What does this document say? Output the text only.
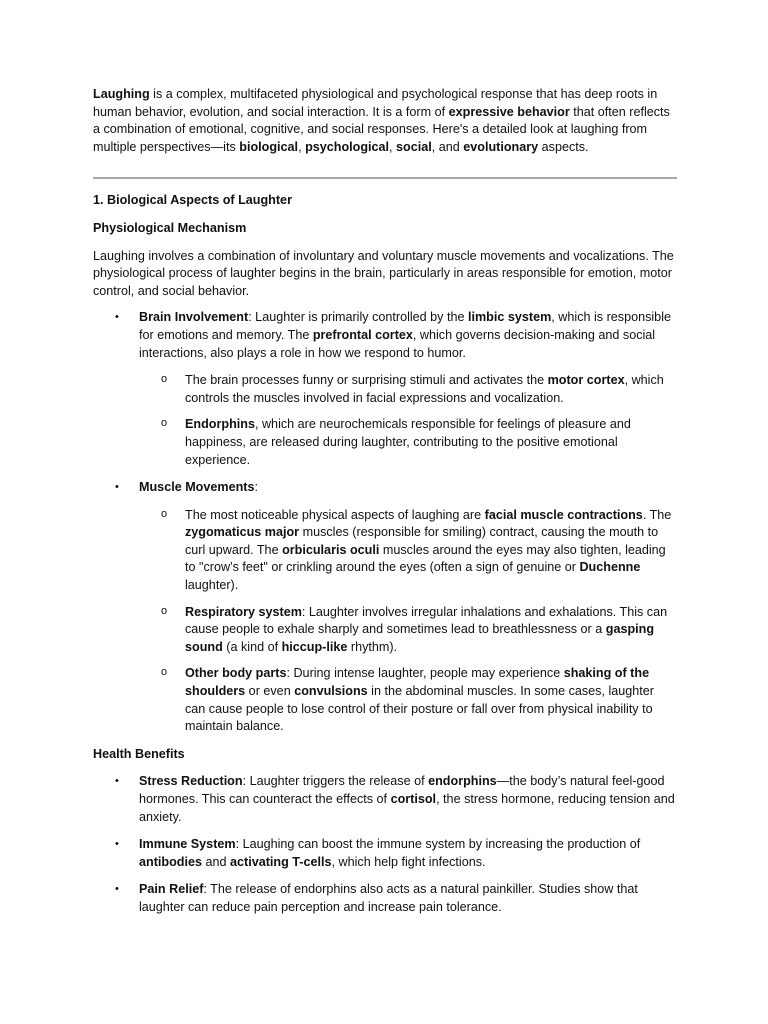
Laughing is a complex, multifaceted physiological and psychological response that has deep roots in human behavior, evolution, and social interaction. It is a form of expressive behavior that often reflects a combination of emotional, cognitive, and social responses. Here's a detailed look at laughing from multiple perspectives—its biological, psychological, social, and evolutionary aspects.

1. Biological Aspects of Laughter

Physiological Mechanism

Laughing involves a combination of involuntary and voluntary muscle movements and vocalizations. The physiological process of laughter begins in the brain, particularly in areas responsible for emotion, motor control, and social behavior.

• Brain Involvement: Laughter is primarily controlled by the limbic system, which is responsible for emotions and memory. The prefrontal cortex, which governs decision-making and social interactions, also plays a role in how we respond to humor.
o The brain processes funny or surprising stimuli and activates the motor cortex, which controls the muscles involved in facial expressions and vocalization.
o Endorphins, which are neurochemicals responsible for feelings of pleasure and happiness, are released during laughter, contributing to the positive emotional experience.
• Muscle Movements:
o The most noticeable physical aspects of laughing are facial muscle contractions. The zygomaticus major muscles (responsible for smiling) contract, causing the mouth to curl upward. The orbicularis oculi muscles around the eyes may also tighten, leading to "crow’s feet" or crinkling around the eyes (often a sign of genuine or Duchenne laughter).
o Respiratory system: Laughter involves irregular inhalations and exhalations. This can cause people to exhale sharply and sometimes lead to breathlessness or a gasping sound (a kind of hiccup-like rhythm).
o Other body parts: During intense laughter, people may experience shaking of the shoulders or even convulsions in the abdominal muscles. In some cases, laughter can cause people to lose control of their posture or fall over from physical inability to maintain balance.

Health Benefits

• Stress Reduction: Laughter triggers the release of endorphins—the body’s natural feel-good hormones. This can counteract the effects of cortisol, the stress hormone, reducing tension and anxiety.
• Immune System: Laughing can boost the immune system by increasing the production of antibodies and activating T-cells, which help fight infections.
• Pain Relief: The release of endorphins also acts as a natural painkiller. Studies show that laughter can reduce pain perception and increase pain tolerance.
